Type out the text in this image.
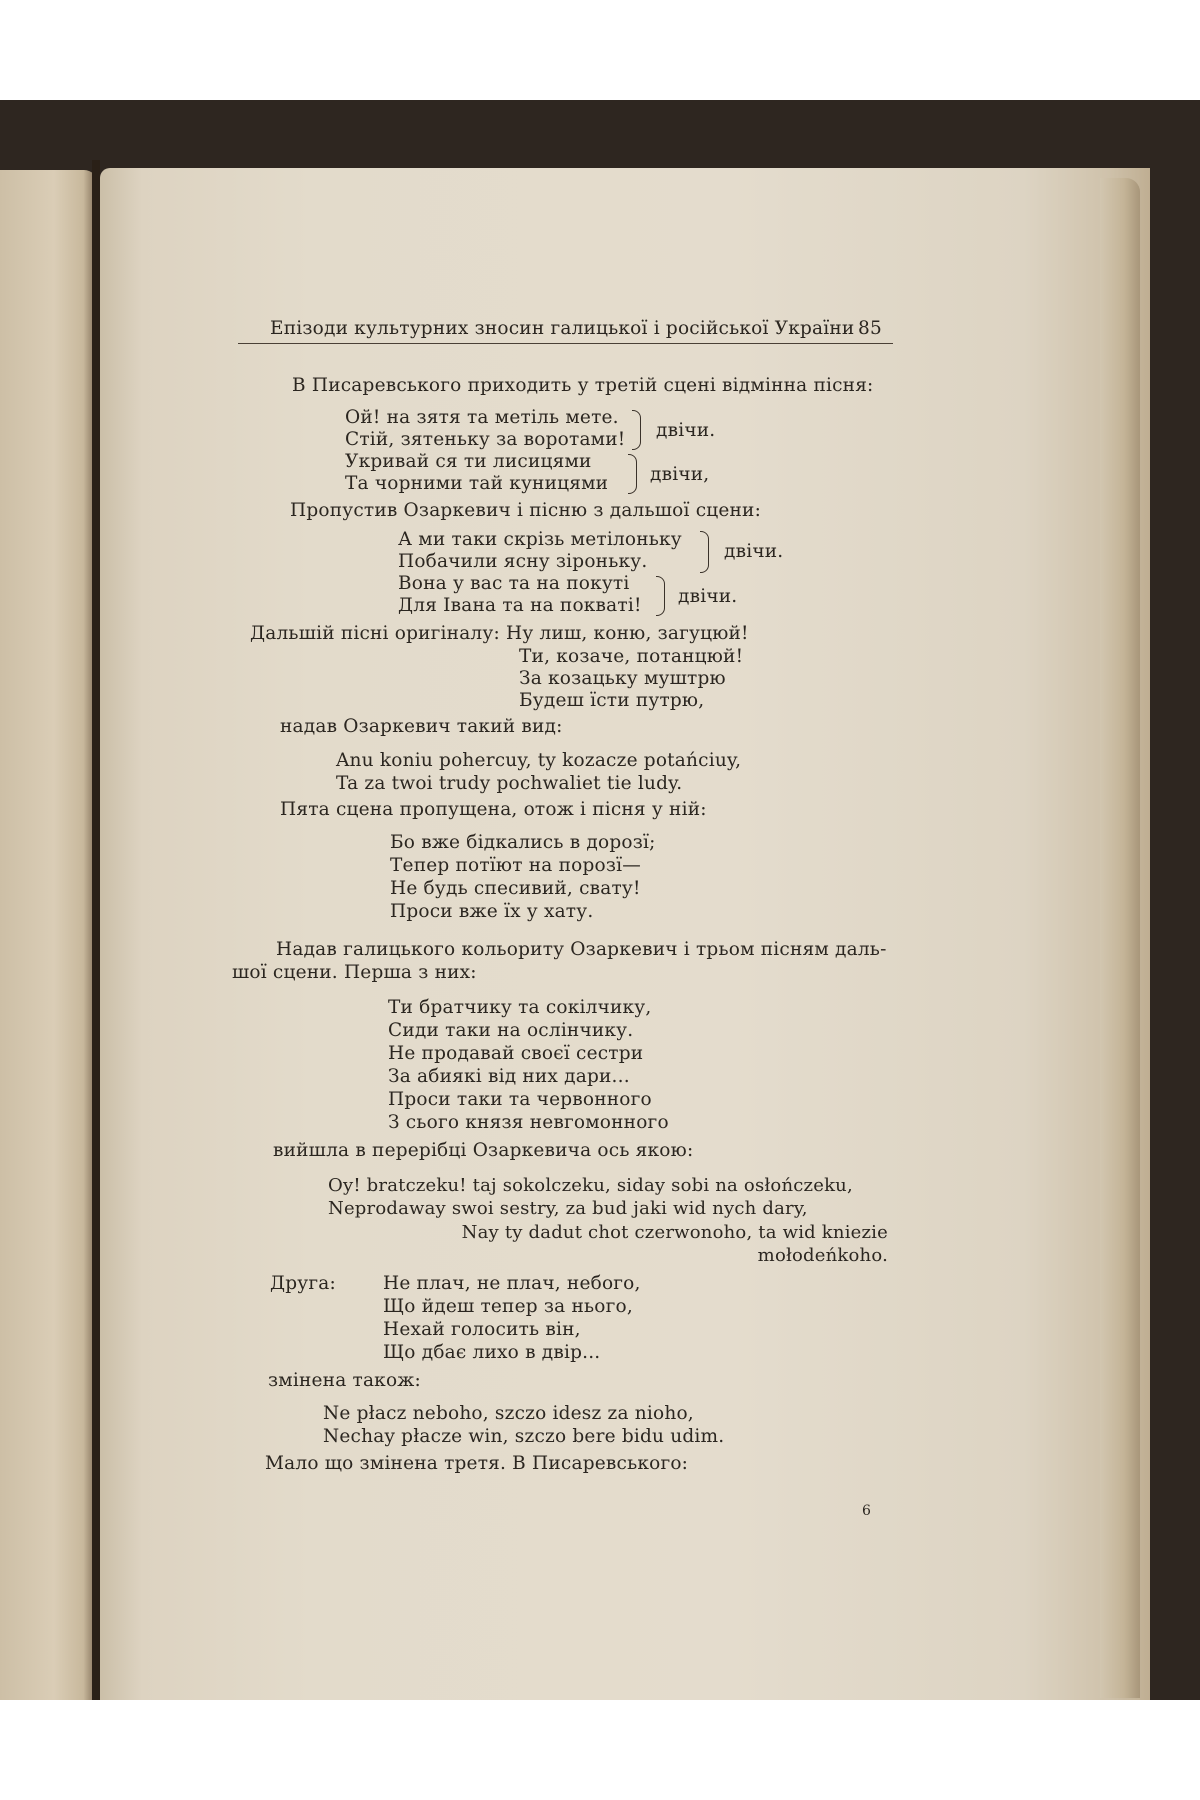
Епізоди культурних зносин галицької і російської України 85
В Писаревського приходить у третій сцені відмінна пісня:
Ой! на зятя та метіль мете.
Стій, зятеньку за воротами! двічи.
Укривай ся ти лисицями
Та чорними тай куницями двічи,
Пропустив Озаркевич і пісню з дальшої сцени:
А ми таки скрізь метілоньку
Побачили ясну зіроньку.	двічи.
Вона у вас та на покуті
Для Івана та на покваті! двічи.
Дальшій пісні оригіналу: Ну лиш, коню, загуцюй!
Ти, козаче, потанцюй!
За козацьку муштрю
Будеш їсти путрю,
надав Озаркевич такий вид:
Anu koniu pohercuy, ty kozacze potańciuy,
Ta za twoi trudy pochwaliet tie ludy.
Пята сцена пропущена, отож і пісня у ній:
Бо вже бідкались в дорозї;
Тепер потїют на порозї—
Не будь спесивий, свату!
Проси вже їх у хату.
Надав галицького кольориту Озаркевич і трьом пісням даль-
шої сцени. Перша з них:
Ти братчику та сокілчику,
Сиди таки на ослінчику.
Не продавай своєї сестри
За абиякі від них дари...
Проси таки та червонного
З сього князя невгомонного
вийшла в перерібці Озаркевича ось якою:
Oy! bratczeku! taj sokolczeku, siday sobi na osłończeku,
Neprodaway swoi sestry, za bud jaki wid nych dary,
Nay ty dadut chot czerwonoho, ta wid kniezie mołodeńkoho.
Друга:	Не плач, не плач, небого,
Що йдеш тепер за нього,
Нехай голосить він,
Що дбає лихо в двір...
змінена також:
Ne płacz neboho, szczo idesz za nioho,
Nechay płacze win, szczo bere bidu udim.
Мало що змінена третя. В Писаревського:
6
